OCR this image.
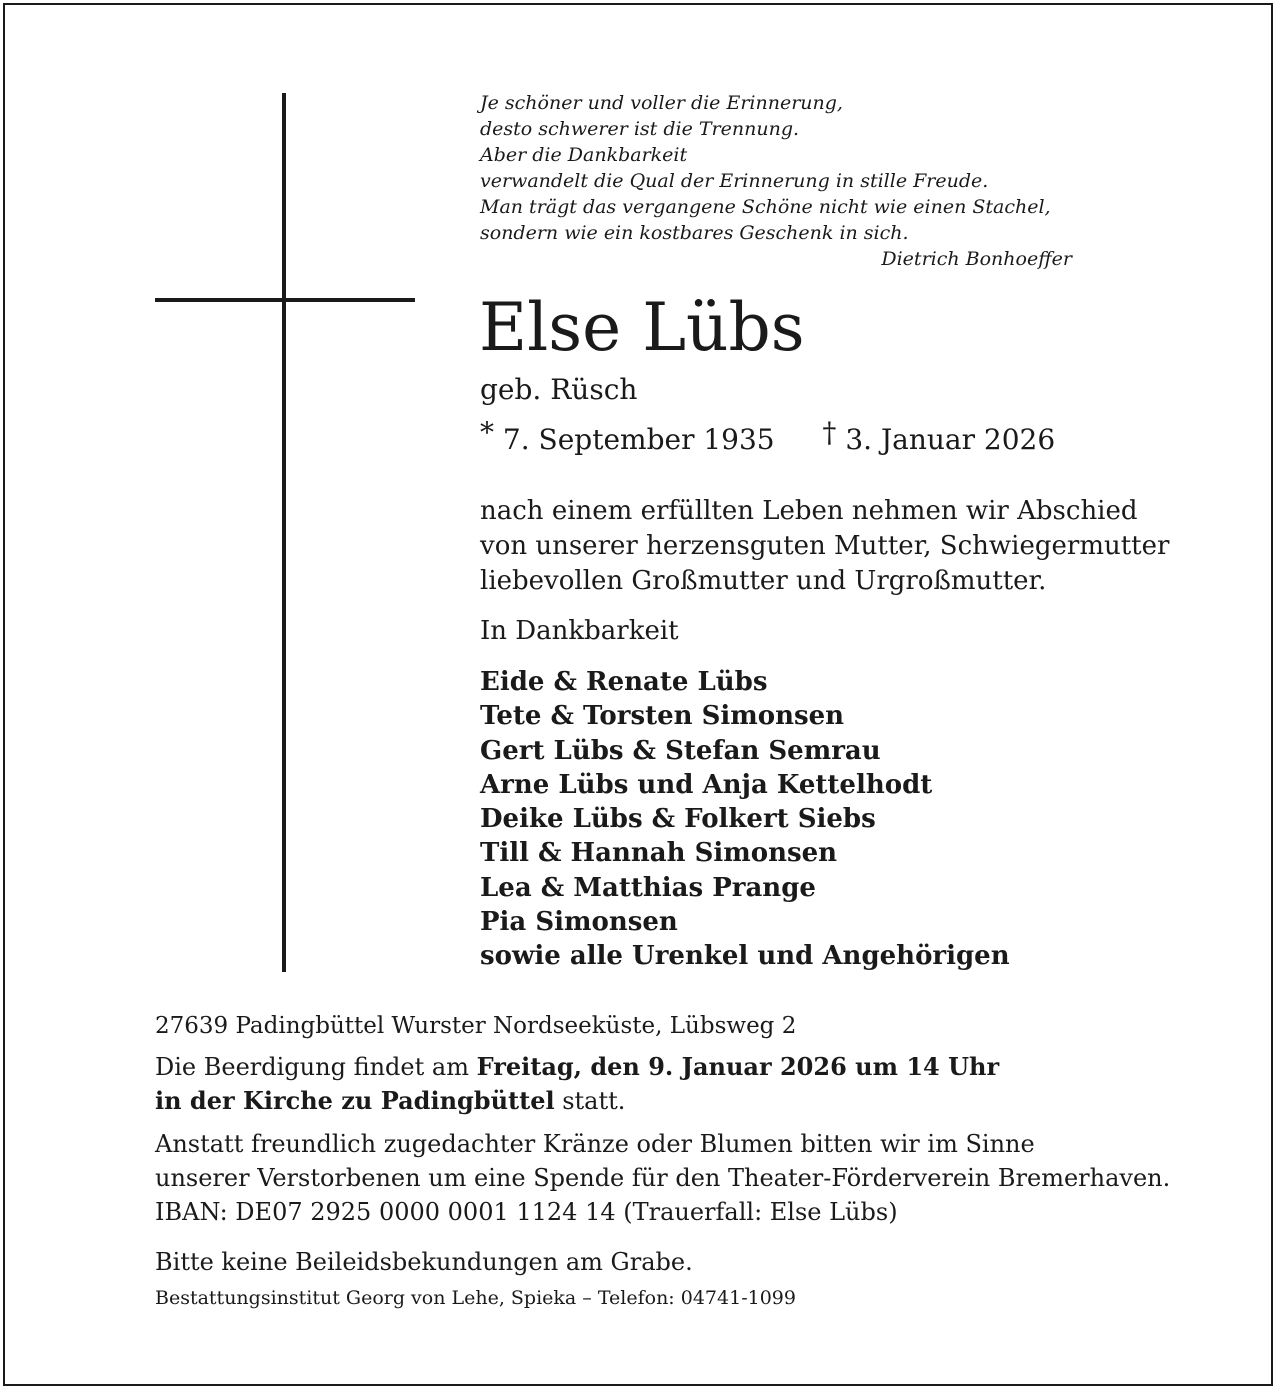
Je schöner und voller die Erinnerung,
desto schwerer ist die Trennung.
Aber die Dankbarkeit
verwandelt die Qual der Erinnerung in stille Freude.
Man trägt das vergangene Schöne nicht wie einen Stachel,
sondern wie ein kostbares Geschenk in sich.
Dietrich Bonhoeffer
Else Lübs
geb. Rüsch
* 7. September 1935 † 3. Januar 2026
nach einem erfüllten Leben nehmen wir Abschied
von unserer herzensguten Mutter, Schwiegermutter
liebevollen Großmutter und Urgroßmutter.
In Dankbarkeit
Eide & Renate Lübs
Tete & Torsten Simonsen
Gert Lübs & Stefan Semrau
Arne Lübs und Anja Kettelhodt
Deike Lübs & Folkert Siebs
Till & Hannah Simonsen
Lea & Matthias Prange
Pia Simonsen
sowie alle Urenkel und Angehörigen
27639 Padingbüttel Wurster Nordseeküste, Lübsweg 2
Die Beerdigung findet am Freitag, den 9. Januar 2026 um 14 Uhr
in der Kirche zu Padingbüttel statt.
Anstatt freundlich zugedachter Kränze oder Blumen bitten wir im Sinne
unserer Verstorbenen um eine Spende für den Theater-Förderverein Bremerhaven.
IBAN: DE07 2925 0000 0001 1124 14 (Trauerfall: Else Lübs)
Bitte keine Beileidsbekundungen am Grabe.
Bestattungsinstitut Georg von Lehe, Spieka – Telefon: 04741-1099
